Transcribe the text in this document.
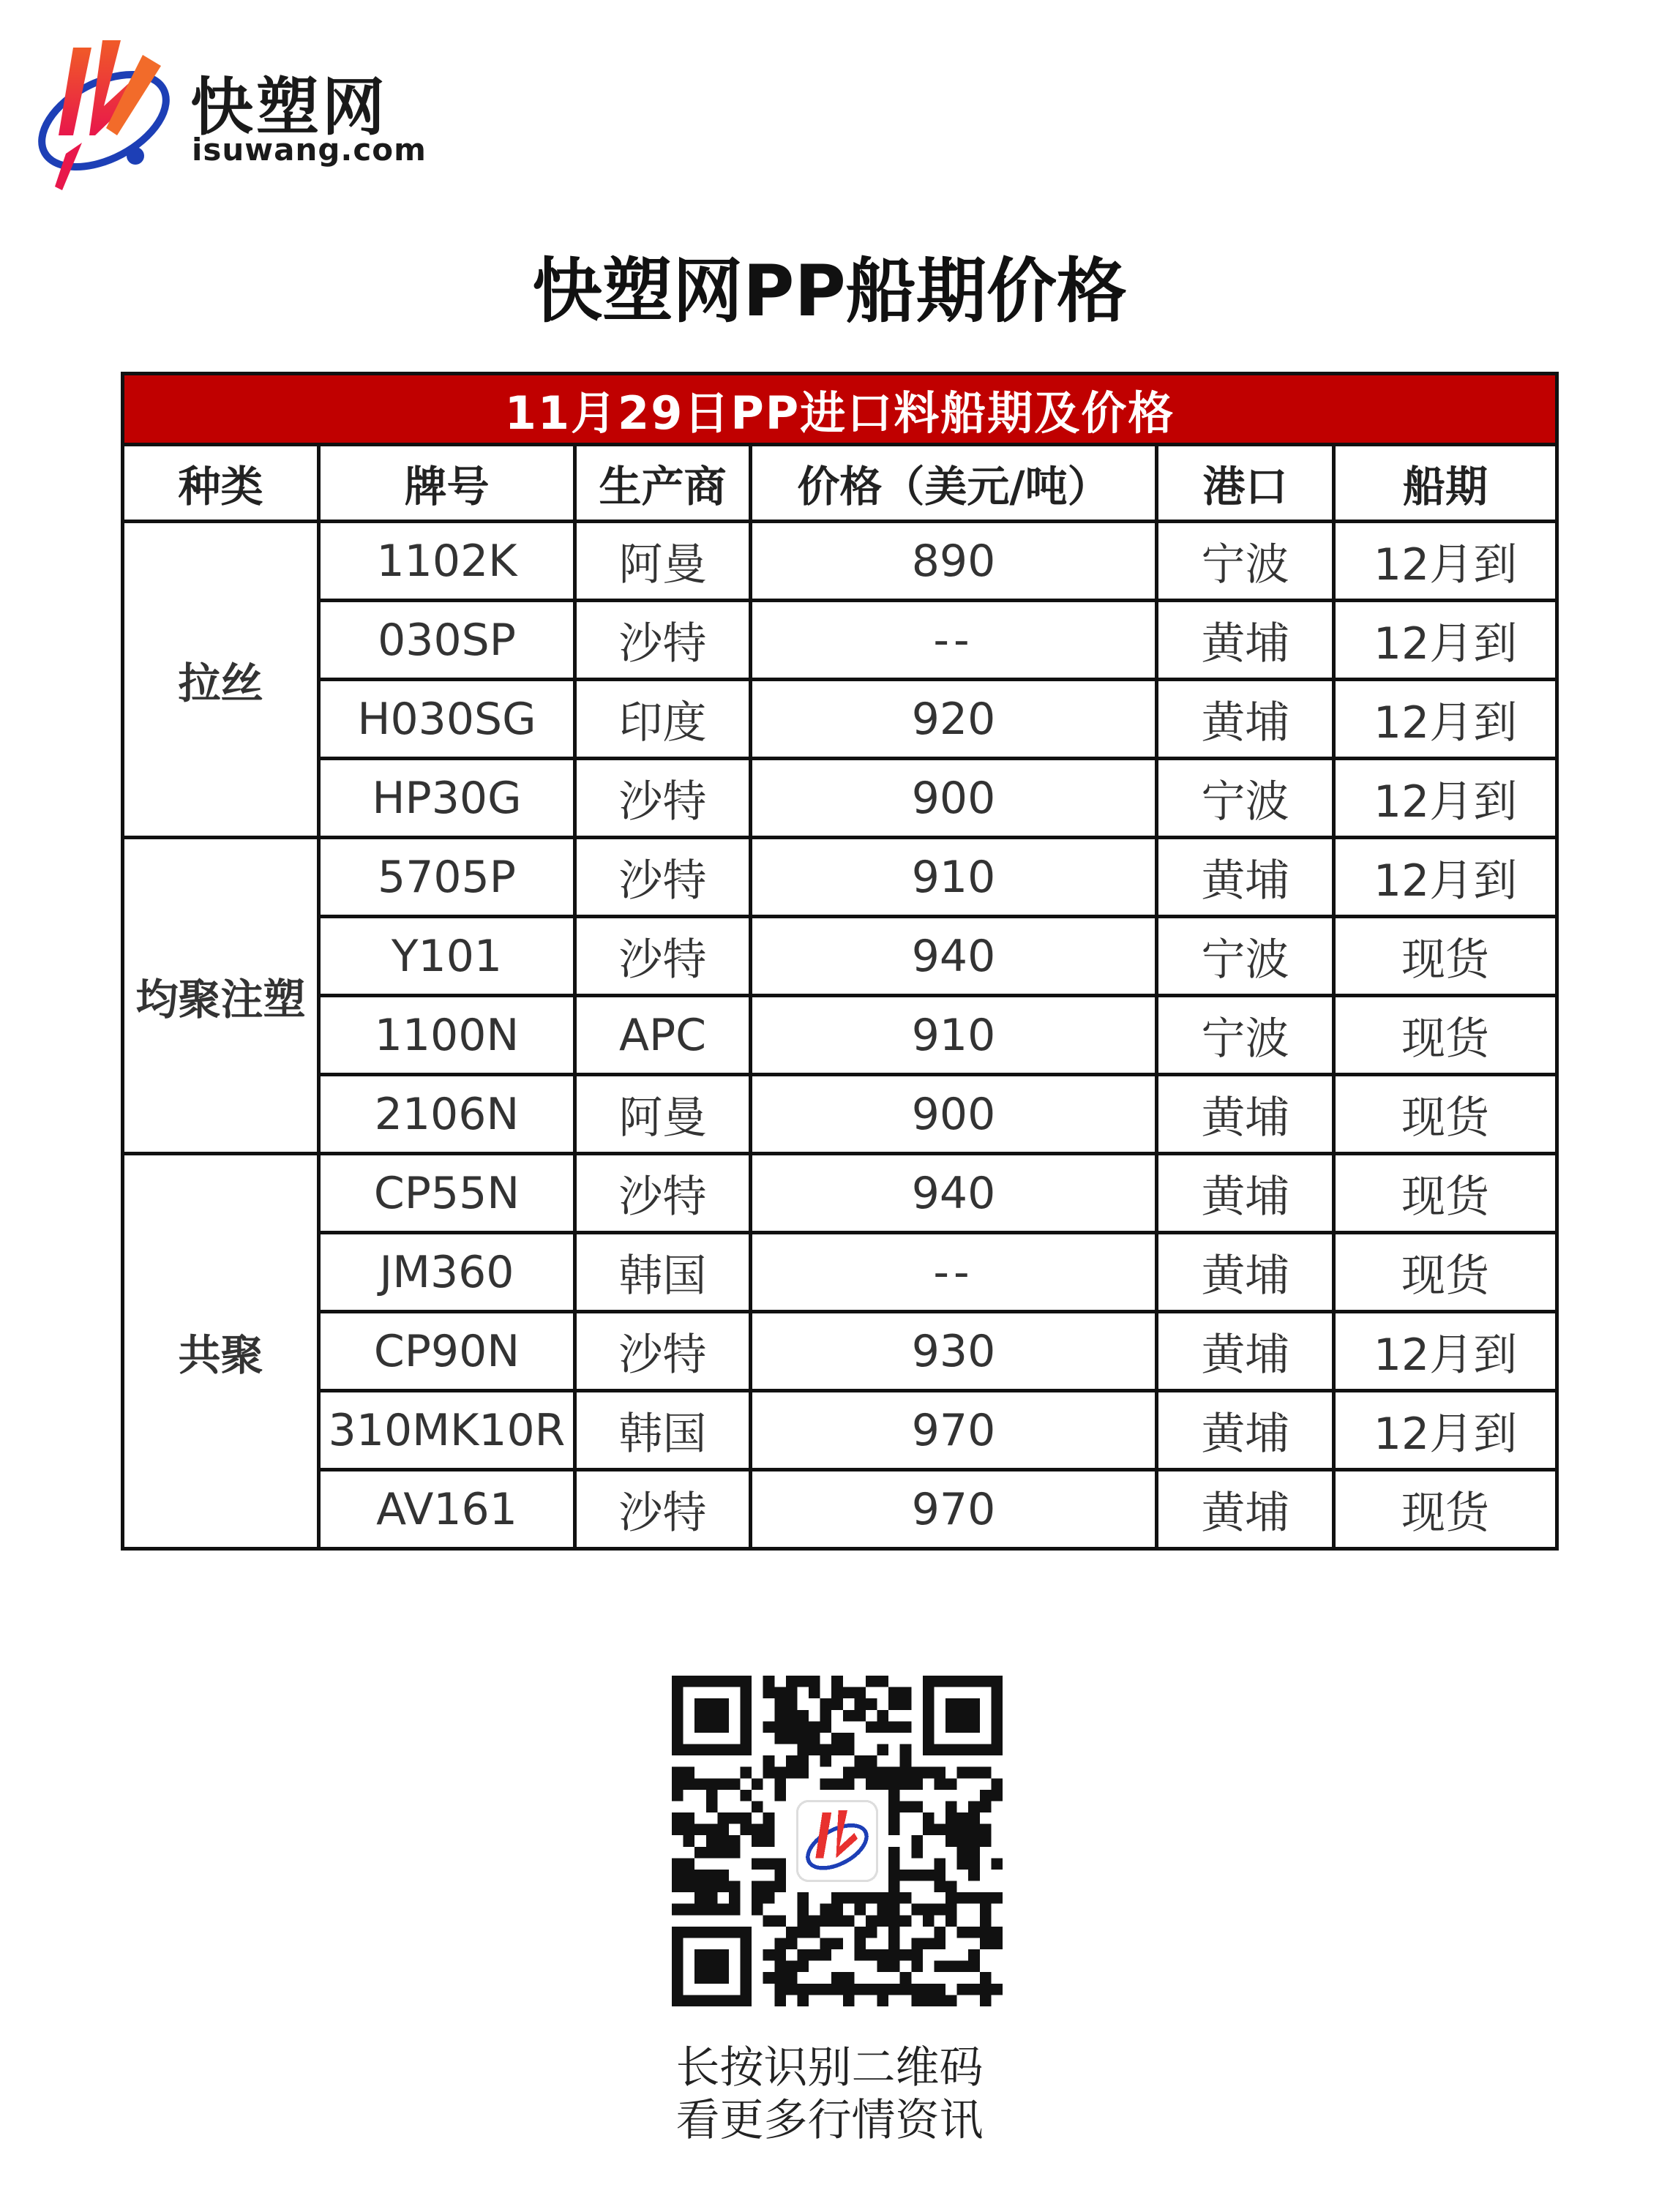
快塑网
isuwang.com
快塑网PP船期价格
11月29日PP进口料船期及价格					
种类	牌号	生产商	价格（美元/吨）	港口	船期
拉丝	1102K	阿曼	890	宁波	12月到
	030SP	沙特	--	黄埔	12月到
	H030SG	印度	920	黄埔	12月到
	HP30G	沙特	900	宁波	12月到
均聚注塑	5705P	沙特	910	黄埔	12月到
	Y101	沙特	940	宁波	现货
	1100N	APC	910	宁波	现货
	2106N	阿曼	900	黄埔	现货
共聚	CP55N	沙特	940	黄埔	现货
	JM360	韩国	--	黄埔	现货
	CP90N	沙特	930	黄埔	12月到
	310MK10R	韩国	970	黄埔	12月到
	AV161	沙特	970	黄埔	现货
长按识别二维码
看更多行情资讯
